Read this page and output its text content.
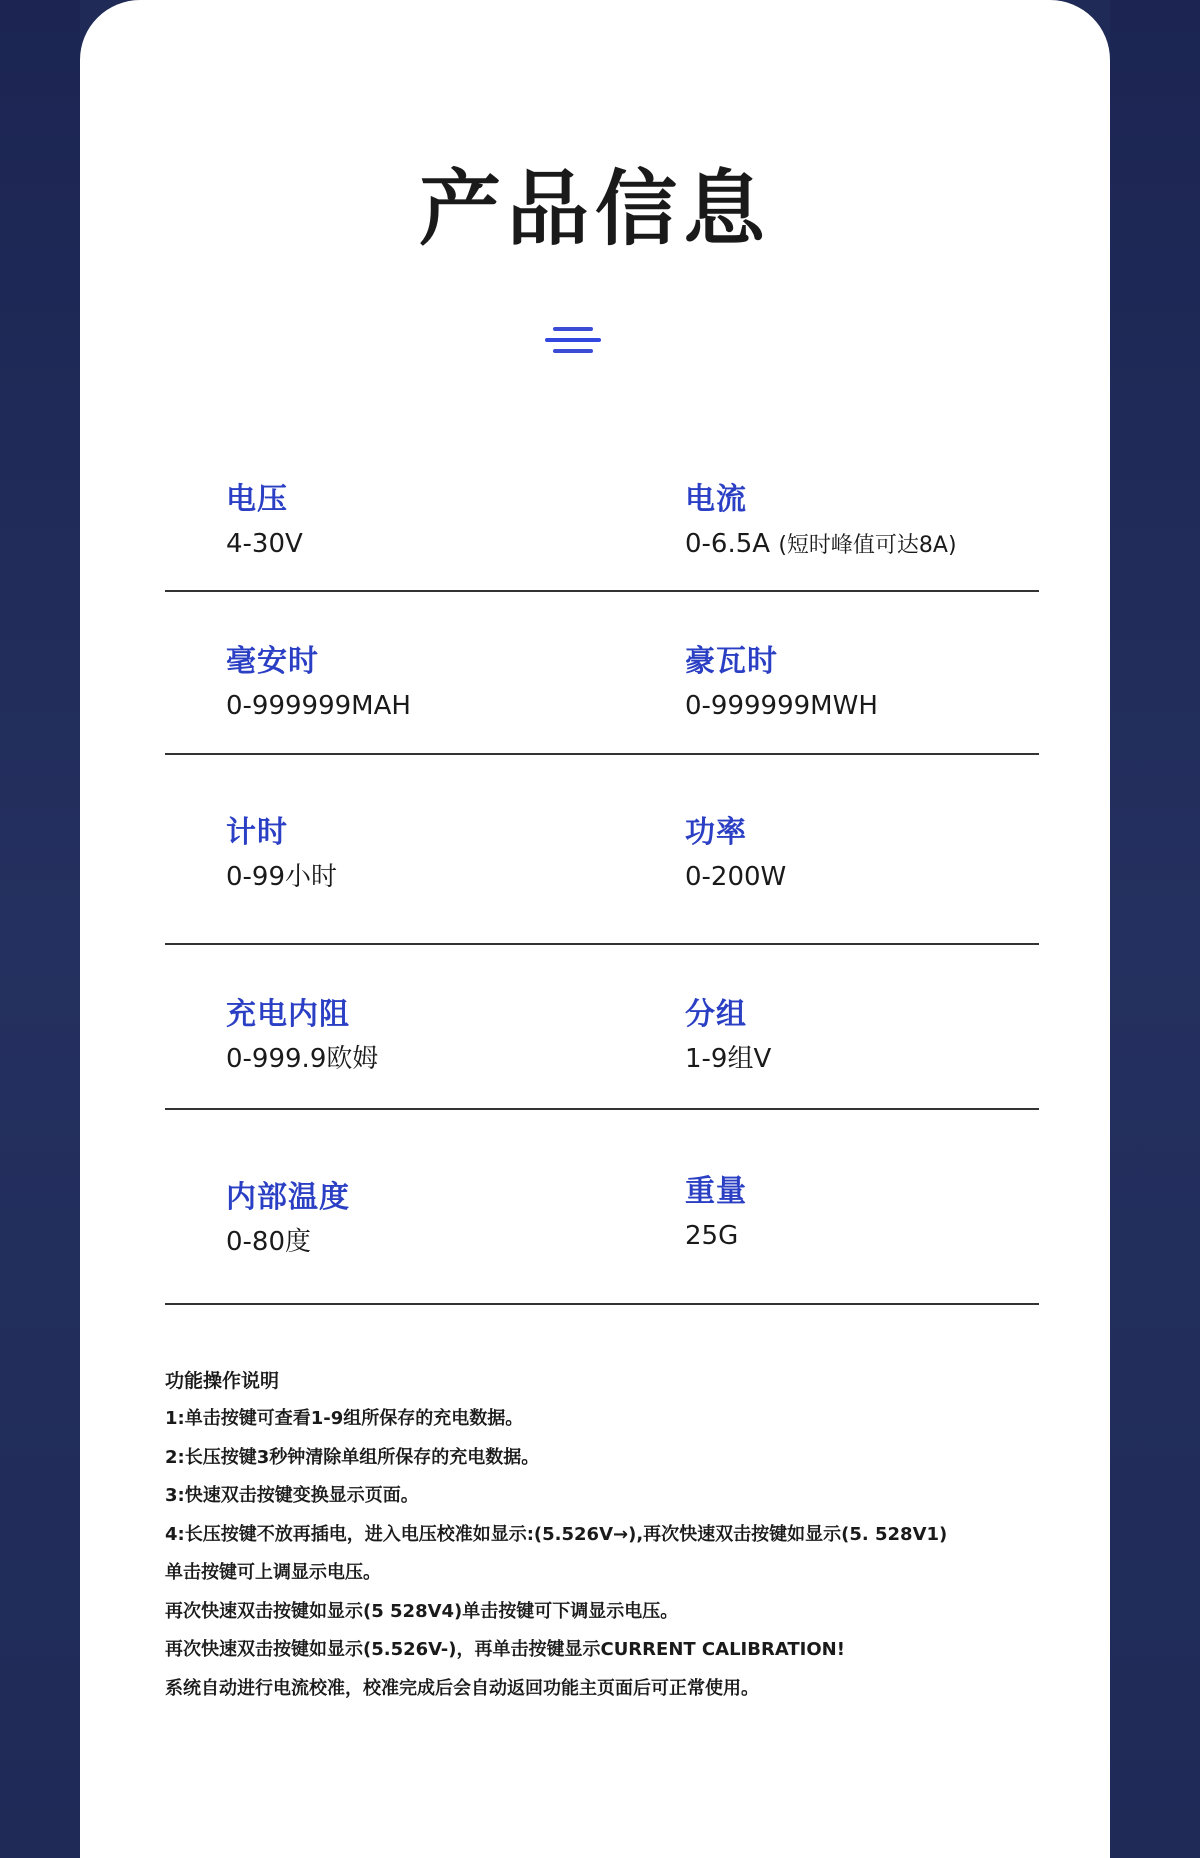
产品信息
电压
4-30V
电流
0-6.5A (短时峰值可达8A)
毫安时
0-999999MAH
豪瓦时
0-999999MWH
计时
0-99小时
功率
0-200W
充电内阻
0-999.9欧姆
分组
1-9组V
内部温度
0-80度
重量
25G
功能操作说明
1:单击按键可查看1-9组所保存的充电数据。
2:长压按键3秒钟清除单组所保存的充电数据。
3:快速双击按键变换显示页面。
4:长压按键不放再插电，进入电压校准如显示:(5.526V→),再次快速双击按键如显示(5. 528V1)
单击按键可上调显示电压。
再次快速双击按键如显示(5 528V4)单击按键可下调显示电压。
再次快速双击按键如显示(5.526V-)，再单击按键显示CURRENT CALIBRATION!
系统自动进行电流校准，校准完成后会自动返回功能主页面后可正常使用。
